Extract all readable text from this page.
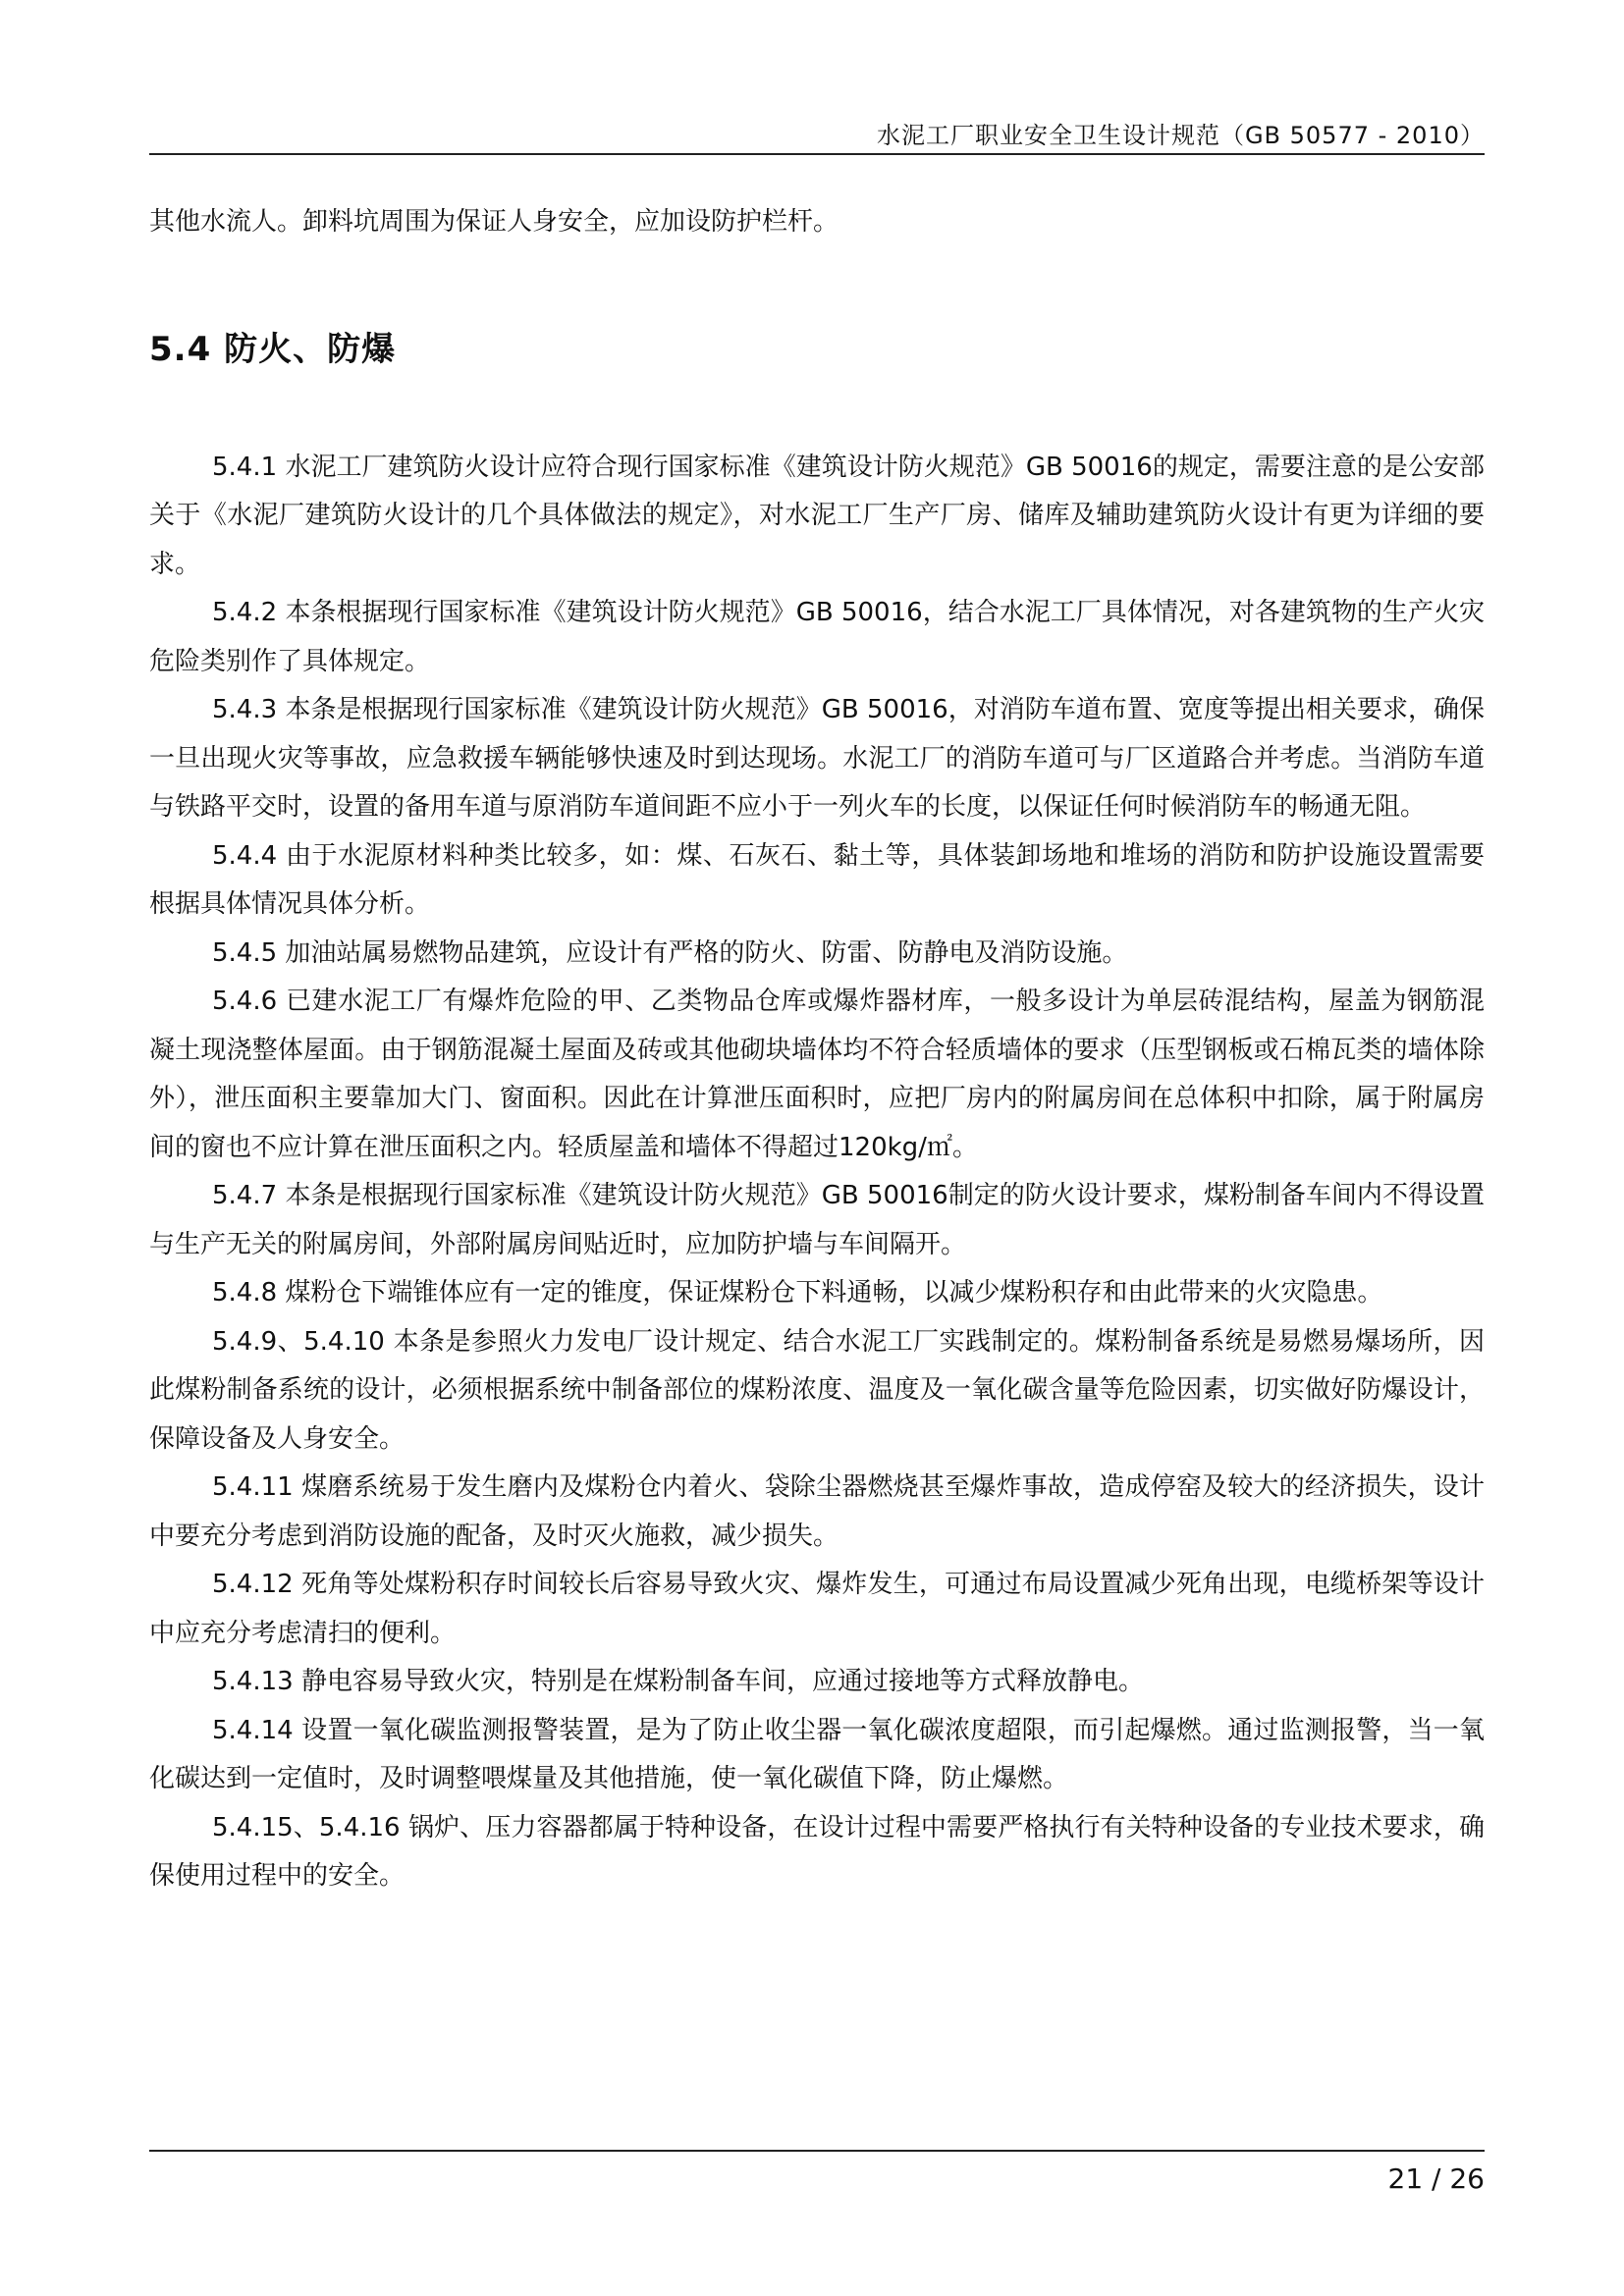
水泥工厂职业安全卫生设计规范（GB 50577 - 2010）

其他水流人。卸料坑周围为保证人身安全，应加设防护栏杆。

5.4 防火、防爆

5.4.1 水泥工厂建筑防火设计应符合现行国家标准《建筑设计防火规范》GB 50016的规定，需要注意的是公安部关于《水泥厂建筑防火设计的几个具体做法的规定》，对水泥工厂生产厂房、储库及辅助建筑防火设计有更为详细的要求。

5.4.2 本条根据现行国家标准《建筑设计防火规范》GB 50016，结合水泥工厂具体情况，对各建筑物的生产火灾危险类别作了具体规定。

5.4.3 本条是根据现行国家标准《建筑设计防火规范》GB 50016，对消防车道布置、宽度等提出相关要求，确保一旦出现火灾等事故，应急救援车辆能够快速及时到达现场。水泥工厂的消防车道可与厂区道路合并考虑。当消防车道与铁路平交时，设置的备用车道与原消防车道间距不应小于一列火车的长度，以保证任何时候消防车的畅通无阻。

5.4.4 由于水泥原材料种类比较多，如：煤、石灰石、黏土等，具体装卸场地和堆场的消防和防护设施设置需要根据具体情况具体分析。

5.4.5 加油站属易燃物品建筑，应设计有严格的防火、防雷、防静电及消防设施。

5.4.6 已建水泥工厂有爆炸危险的甲、乙类物品仓库或爆炸器材库，一般多设计为单层砖混结构，屋盖为钢筋混凝土现浇整体屋面。由于钢筋混凝土屋面及砖或其他砌块墙体均不符合轻质墙体的要求（压型钢板或石棉瓦类的墙体除外），泄压面积主要靠加大门、窗面积。因此在计算泄压面积时，应把厂房内的附属房间在总体积中扣除，属于附属房间的窗也不应计算在泄压面积之内。轻质屋盖和墙体不得超过120kg/㎡。

5.4.7 本条是根据现行国家标准《建筑设计防火规范》GB 50016制定的防火设计要求，煤粉制备车间内不得设置与生产无关的附属房间，外部附属房间贴近时，应加防护墙与车间隔开。

5.4.8 煤粉仓下端锥体应有一定的锥度，保证煤粉仓下料通畅，以减少煤粉积存和由此带来的火灾隐患。

5.4.9、5.4.10 本条是参照火力发电厂设计规定、结合水泥工厂实践制定的。煤粉制备系统是易燃易爆场所，因此煤粉制备系统的设计，必须根据系统中制备部位的煤粉浓度、温度及一氧化碳含量等危险因素，切实做好防爆设计，保障设备及人身安全。

5.4.11 煤磨系统易于发生磨内及煤粉仓内着火、袋除尘器燃烧甚至爆炸事故，造成停窑及较大的经济损失，设计中要充分考虑到消防设施的配备，及时灭火施救，减少损失。

5.4.12 死角等处煤粉积存时间较长后容易导致火灾、爆炸发生，可通过布局设置减少死角出现，电缆桥架等设计中应充分考虑清扫的便利。

5.4.13 静电容易导致火灾，特别是在煤粉制备车间，应通过接地等方式释放静电。

5.4.14 设置一氧化碳监测报警装置，是为了防止收尘器一氧化碳浓度超限，而引起爆燃。通过监测报警，当一氧化碳达到一定值时，及时调整喂煤量及其他措施，使一氧化碳值下降，防止爆燃。

5.4.15、5.4.16 锅炉、压力容器都属于特种设备，在设计过程中需要严格执行有关特种设备的专业技术要求，确保使用过程中的安全。

21 / 26
